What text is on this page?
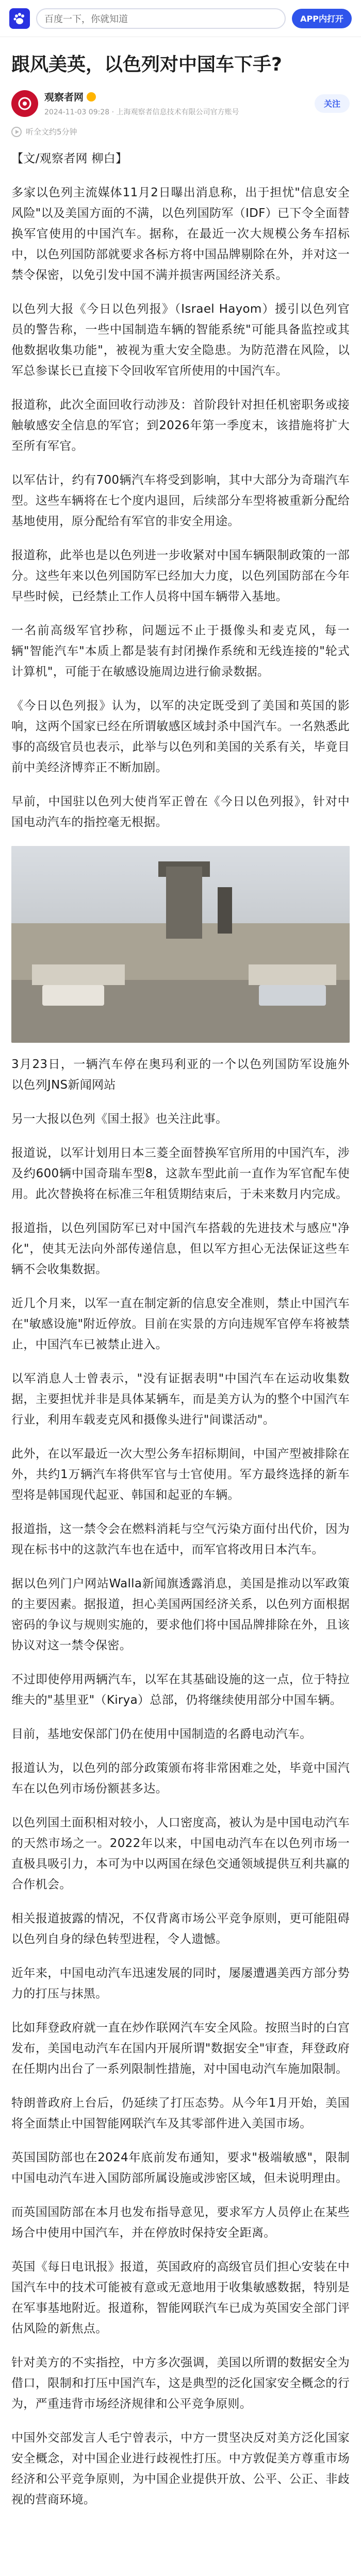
百度一下，你就知道	APP内打开
跟风美英，以色列对中国车下手?
观察者网
2024-11-03 09:28 · 上海观察者信息技术有限公司官方账号
关注
听全文约5分钟

【文/观察者网 柳白】

多家以色列主流媒体11月2日曝出消息称，出于担忧"信息安全风险"以及美国方面的不满，以色列国防军（IDF）已下令全面替换军官使用的中国汽车。据称，在最近一次大规模公务车招标中，以色列国防部就要求各标方将中国品牌剔除在外，并对这一禁令保密，以免引发中国不满并损害两国经济关系。

以色列大报《今日以色列报》（Israel Hayom）援引以色列官员的警告称，一些中国制造车辆的智能系统"可能具备监控或其他数据收集功能"，被视为重大安全隐患。为防范潜在风险，以军总参谋长已直接下令回收军官所使用的中国汽车。

报道称，此次全面回收行动涉及：首阶段针对担任机密职务或接触敏感安全信息的军官；到2026年第一季度末，该措施将扩大至所有军官。

以军估计，约有700辆汽车将受到影响，其中大部分为奇瑞汽车型。这些车辆将在七个度内退回，后续部分车型将被重新分配给基地使用，原分配给有军官的非安全用途。

报道称，此举也是以色列进一步收紧对中国车辆限制政策的一部分。这些年来以色列国防军已经加大力度，以色列国防部在今年早些时候，已经禁止工作人员将中国车辆带入基地。

一名前高级军官抄称，问题远不止于摄像头和麦克风，每一辆"智能汽车"本质上都是装有封闭操作系统和无线连接的"轮式计算机"，可能于在敏感设施周边进行偷录数据。

《今日以色列报》认为，以军的决定既受到了美国和英国的影响，这两个国家已经在所谓敏感区域封杀中国汽车。一名熟悉此事的高级官员也表示，此举与以色列和美国的关系有关，毕竟目前中美经济博弈正不断加剧。

早前，中国驻以色列大使肖军正曾在《今日以色列报》，针对中国电动汽车的指控毫无根据。

3月23日，一辆汽车停在奥玛利亚的一个以色列国防军设施外 以色列JNS新闻网站

另一大报以色列《国土报》也关注此事。

报道说，以军计划用日本三菱全面替换军官所用的中国汽车，涉及约600辆中国奇瑞车型8，这款车型此前一直作为军官配车使用。此次替换将在标准三年租赁期结束后，于未来数月内完成。

报道指，以色列国防军已对中国汽车搭载的先进技术与感应"净化"，使其无法向外部传递信息，但以军方担心无法保证这些车辆不会收集数据。

近几个月来，以军一直在制定新的信息安全准则，禁止中国汽车在"敏感设施"附近停放。目前在实景的方向违规军官停车将被禁止，中国汽车已被禁止进入。

以军消息人士曾表示，"没有证据表明"中国汽车在运动收集数据，主要担忧并非是具体某辆车，而是美方认为的整个中国汽车行业，利用车载麦克风和摄像头进行"间谍活动"。

此外，在以军最近一次大型公务车招标期间，中国产型被排除在外，共约1万辆汽车将供军官与士官使用。军方最终选择的新车型将是韩国现代起亚、韩国和起亚的车辆。

报道指，这一禁令会在燃料消耗与空气污染方面付出代价，因为现在标书中的这款汽车也在适中，而军官将改用日本汽车。

据以色列门户网站Walla新闻旗透露消息，美国是推动以军政策的主要因素。据报道，担心美国两国经济关系，以色列方面根据密码的争议与规则实施的，要求他们将中国品牌排除在外，且该协议对这一禁令保密。

不过即使停用两辆汽车，以军在其基础设施的这一点，位于特拉维夫的"基里亚"（Kirya）总部，仍将继续使用部分中国车辆。

目前，基地安保部门仍在使用中国制造的名爵电动汽车。

报道认为，以色列的部分政策颁布将非常困难之处，毕竟中国汽车在以色列市场份额甚多达。

以色列国土面积相对较小，人口密度高，被认为是中国电动汽车的天然市场之一。2022年以来，中国电动汽车在以色列市场一直极具吸引力，本可为中以两国在绿色交通领域提供互利共赢的合作机会。

相关报道披露的情况，不仅背离市场公平竞争原则，更可能阻碍以色列自身的绿色转型进程，令人遗憾。

近年来，中国电动汽车迅速发展的同时，屡屡遭遇美西方部分势力的打压与抹黑。

比如拜登政府就一直在炒作联网汽车安全风险。按照当时的白宫发布，美国电动汽车在国内开展所谓"数据安全"审查，拜登政府在任期内出台了一系列限制性措施，对中国电动汽车施加限制。

特朗普政府上台后，仍延续了打压态势。从今年1月开始，美国将全面禁止中国智能网联汽车及其零部件进入美国市场。

英国国防部也在2024年底前发布通知，要求"极端敏感"，限制中国电动汽车进入国防部所属设施或涉密区域，但未说明理由。

而英国国防部在本月也发布指导意见，要求军方人员停止在某些场合中使用中国汽车，并在停放时保持安全距离。

英国《每日电讯报》报道，英国政府的高级官员们担心安装在中国汽车中的技术可能被有意或无意地用于收集敏感数据，特别是在军事基地附近。报道称，智能网联汽车已成为英国安全部门评估风险的新焦点。

针对美方的不实指控，中方多次强调，美国以所谓的数据安全为借口，限制和打压中国汽车，这是典型的泛化国家安全概念的行为，严重违背市场经济规律和公平竞争原则。

中国外交部发言人毛宁曾表示，中方一贯坚决反对美方泛化国家安全概念，对中国企业进行歧视性打压。中方敦促美方尊重市场经济和公平竞争原则，为中国企业提供开放、公平、公正、非歧视的营商环境。
